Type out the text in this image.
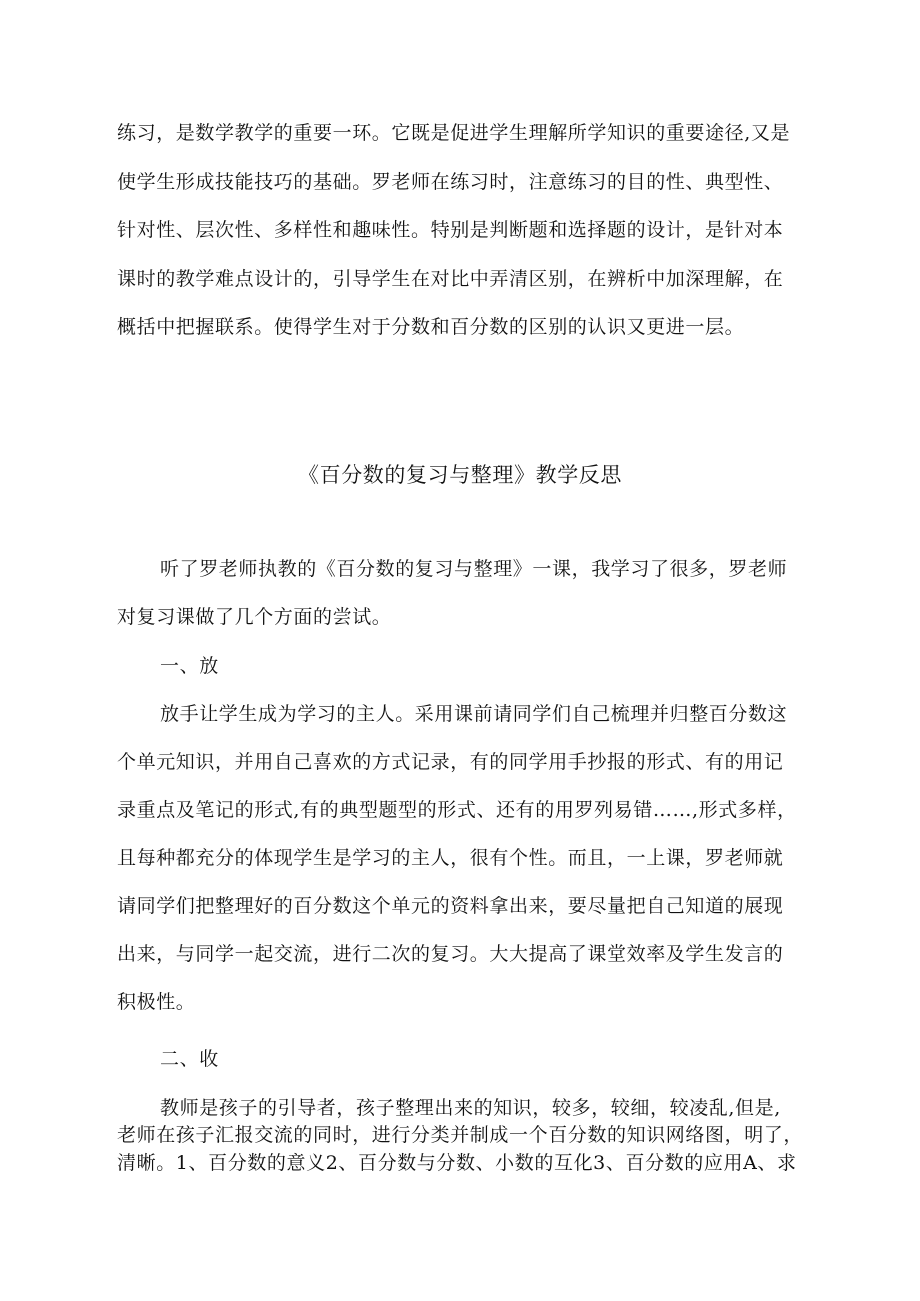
练习，是数学教学的重要一环。它既是促进学生理解所学知识的重要途径,又是
使学生形成技能技巧的基础。罗老师在练习时，注意练习的目的性、典型性、
针对性、层次性、多样性和趣味性。特别是判断题和选择题的设计，是针对本
课时的教学难点设计的，引导学生在对比中弄清区别，在辨析中加深理解，在
概括中把握联系。使得学生对于分数和百分数的区别的认识又更进一层。
《百分数的复习与整理》教学反思
听了罗老师执教的《百分数的复习与整理》一课，我学习了很多，罗老师
对复习课做了几个方面的尝试。
一、放
放手让学生成为学习的主人。采用课前请同学们自己梳理并归整百分数这
个单元知识，并用自己喜欢的方式记录，有的同学用手抄报的形式、有的用记
录重点及笔记的形式,有的典型题型的形式、还有的用罗列易错……,形式多样，
且每种都充分的体现学生是学习的主人，很有个性。而且，一上课，罗老师就
请同学们把整理好的百分数这个单元的资料拿出来，要尽量把自己知道的展现
出来，与同学一起交流，进行二次的复习。大大提高了课堂效率及学生发言的
积极性。
二、收
教师是孩子的引导者，孩子整理出来的知识，较多，较细，较凌乱,但是,
老师在孩子汇报交流的同时，进行分类并制成一个百分数的知识网络图，明了，
清晰。1、百分数的意义2、百分数与分数、小数的互化3、百分数的应用A、求
